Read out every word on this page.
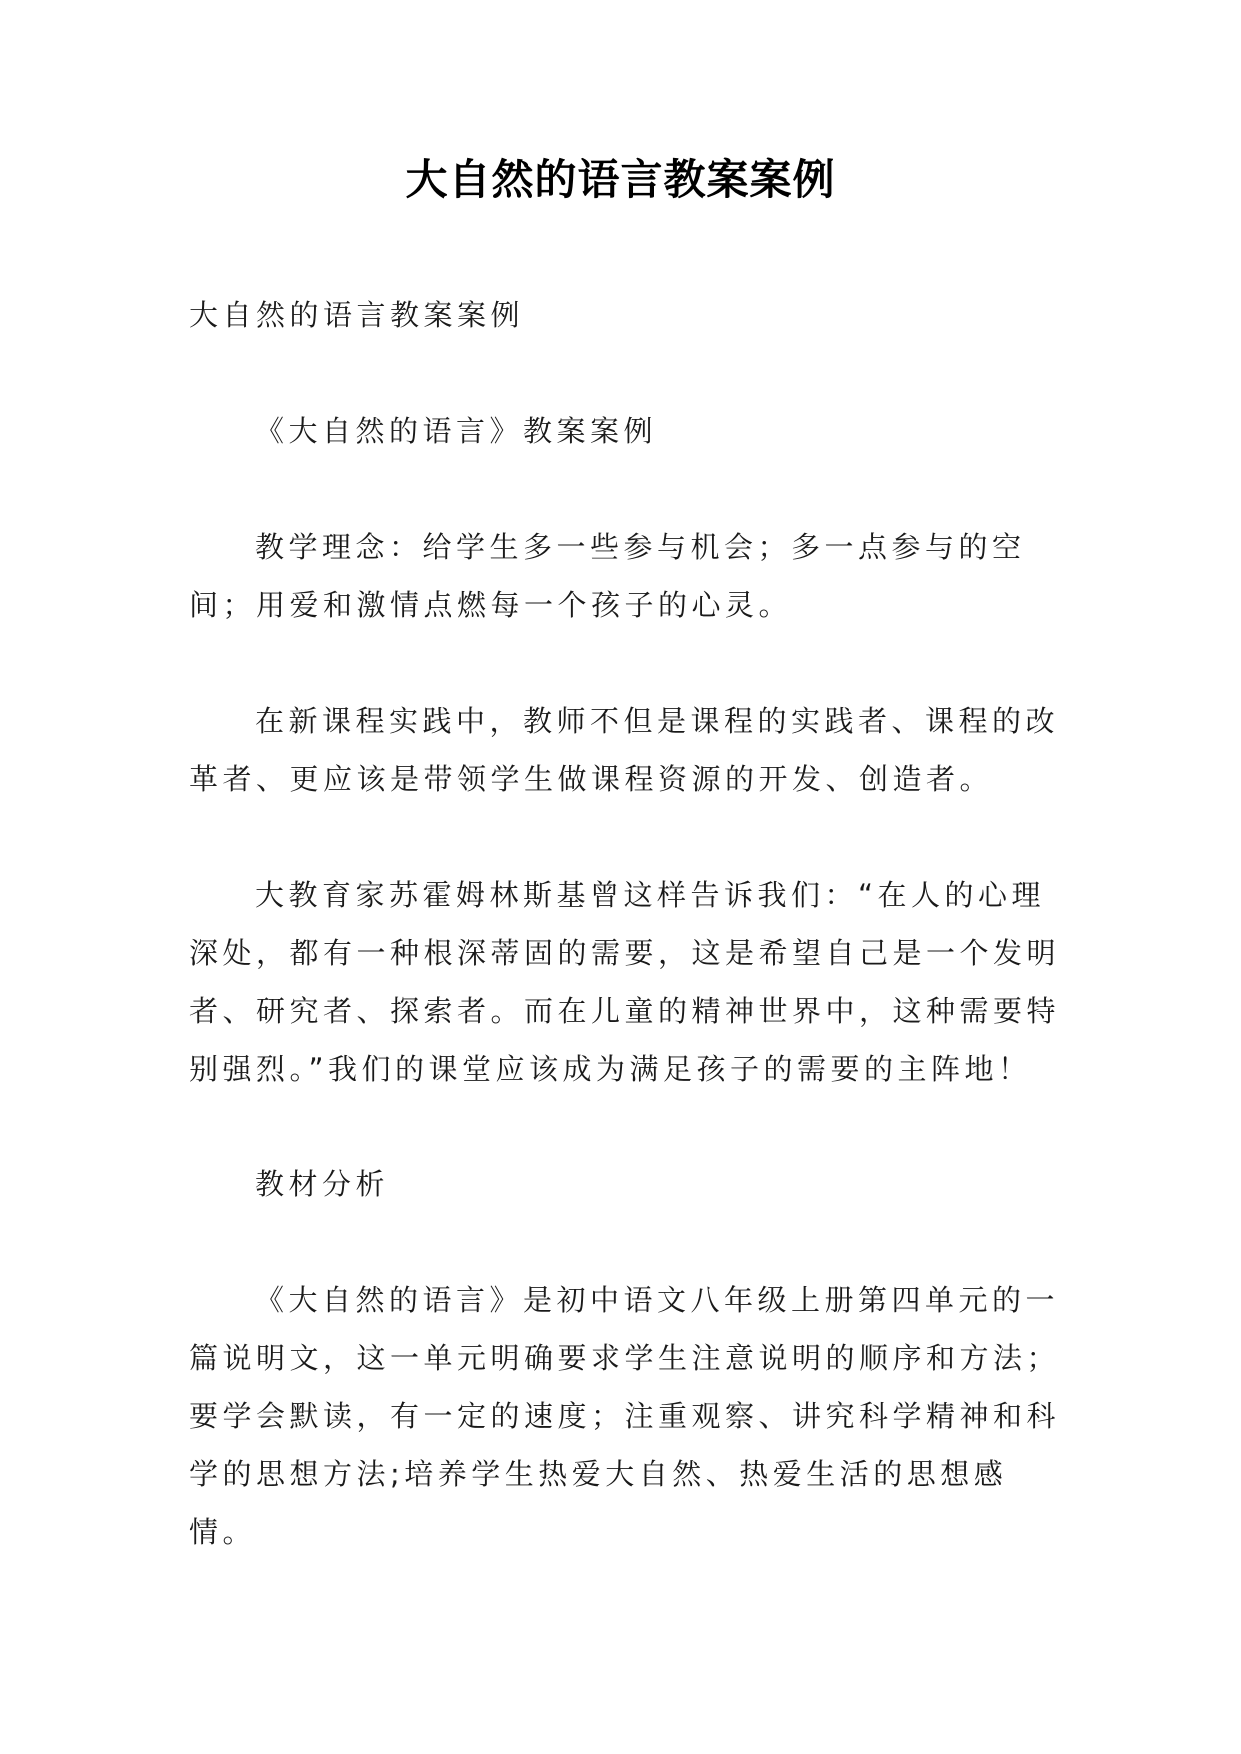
大自然的语言教案案例

大自然的语言教案案例

《大自然的语言》教案案例

教学理念：给学生多一些参与机会；多一点参与的空间；用爱和激情点燃每一个孩子的心灵。

在新课程实践中，教师不但是课程的实践者、课程的改革者、更应该是带领学生做课程资源的开发、创造者。

大教育家苏霍姆林斯基曾这样告诉我们：“在人的心理深处，都有一种根深蒂固的需要，这是希望自己是一个发明者、研究者、探索者。而在儿童的精神世界中，这种需要特别强烈。”我们的课堂应该成为满足孩子的需要的主阵地！

教材分析

《大自然的语言》是初中语文八年级上册第四单元的一篇说明文，这一单元明确要求学生注意说明的顺序和方法；要学会默读，有一定的速度；注重观察、讲究科学精神和科学的思想方法;培养学生热爱大自然、热爱生活的思想感情。
